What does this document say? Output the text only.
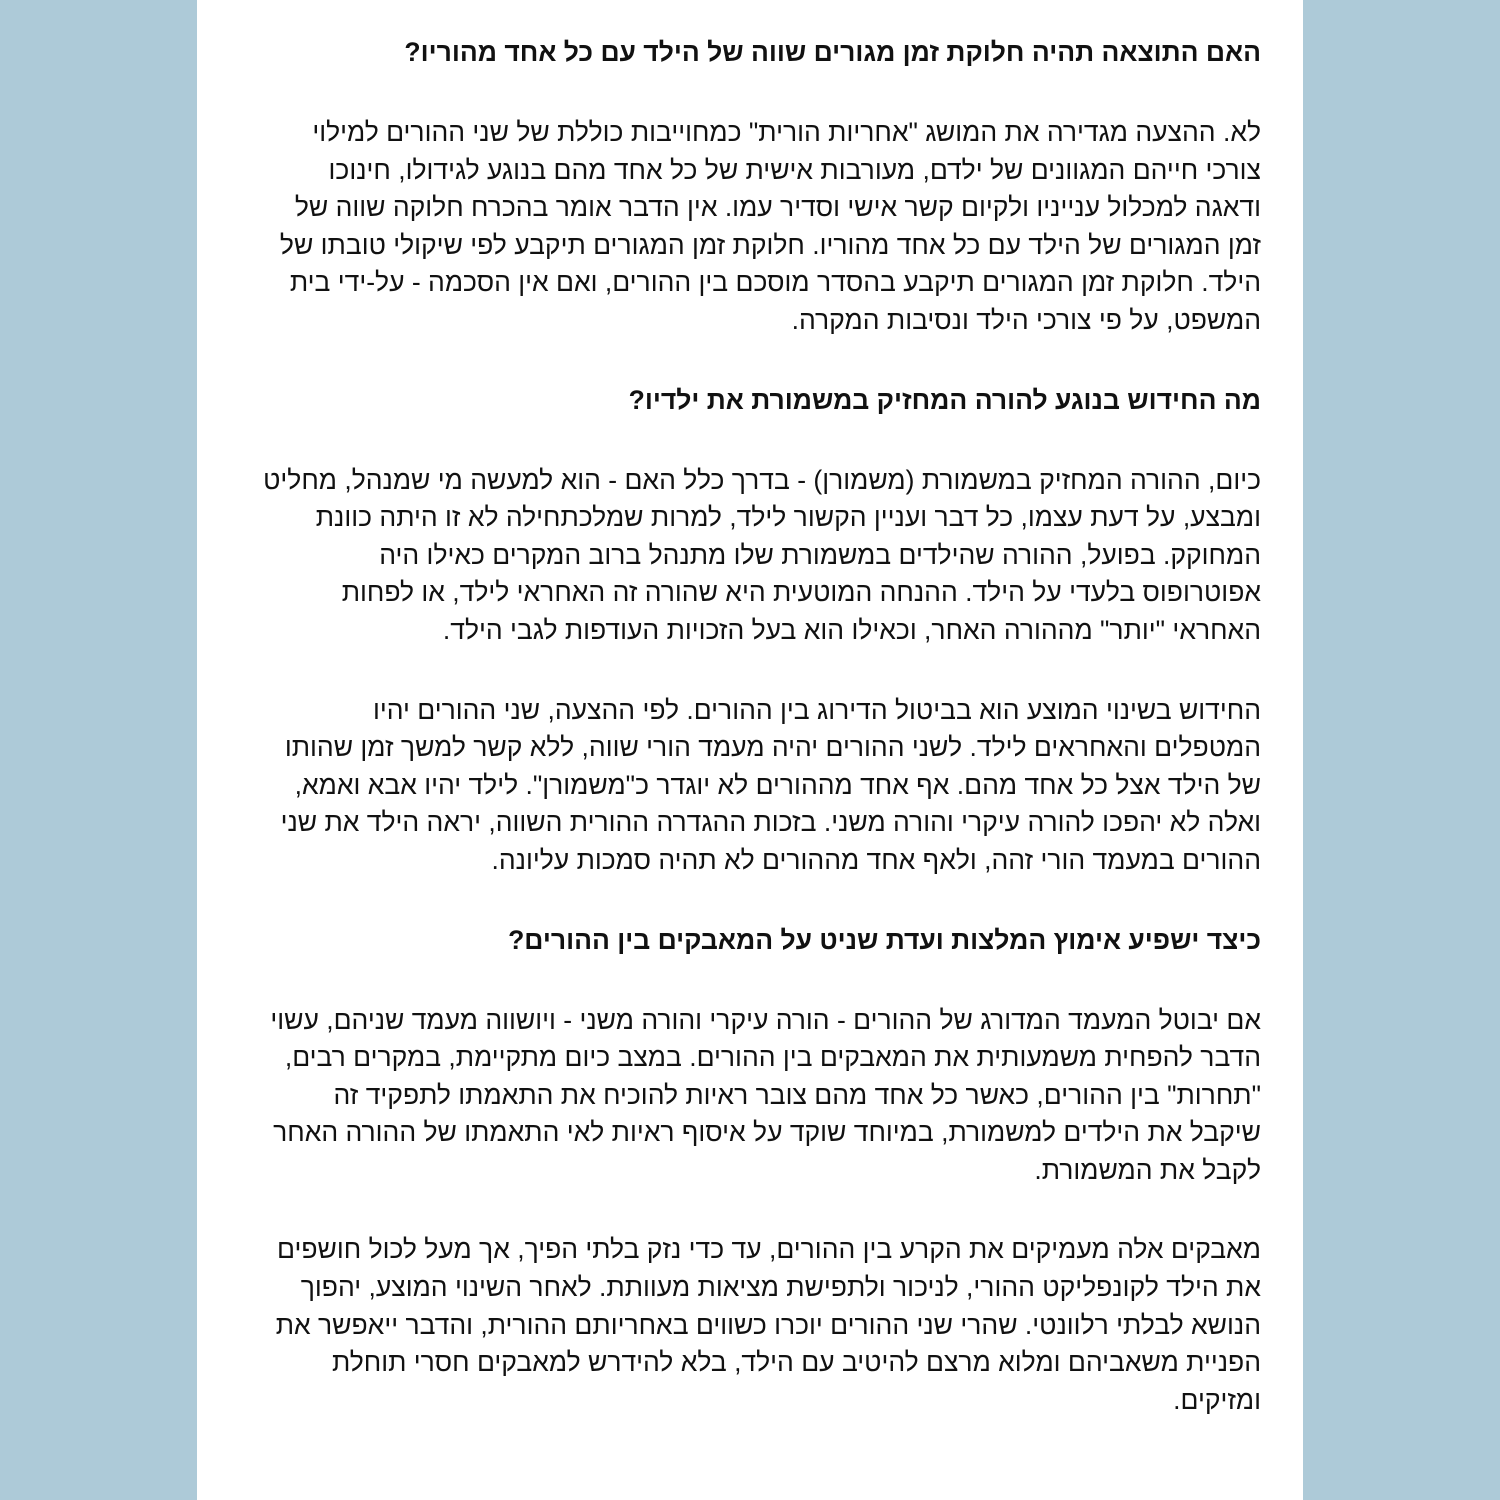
האם התוצאה תהיה חלוקת זמן מגורים שווה של הילד עם כל אחד מהוריו?

לא. ההצעה מגדירה את המושג "אחריות הורית" כמחוייבות כוללת של שני ההורים למילוי צורכי חייהם המגוונים של ילדם, מעורבות אישית של כל אחד מהם בנוגע לגידולו, חינוכו ודאגה למכלול ענייניו ולקיום קשר אישי וסדיר עמו. אין הדבר אומר בהכרח חלוקה שווה של זמן המגורים של הילד עם כל אחד מהוריו. חלוקת זמן המגורים תיקבע לפי שיקולי טובתו של הילד. חלוקת זמן המגורים תיקבע בהסדר מוסכם בין ההורים, ואם אין הסכמה - על-ידי בית המשפט, על פי צורכי הילד ונסיבות המקרה.

מה החידוש בנוגע להורה המחזיק במשמורת את ילדיו?

כיום, ההורה המחזיק במשמורת (משמורן) - בדרך כלל האם - הוא למעשה מי שמנהל, מחליט ומבצע, על דעת עצמו, כל דבר ועניין הקשור לילד, למרות שמלכתחילה לא זו היתה כוונת המחוקק. בפועל, ההורה שהילדים במשמורת שלו מתנהל ברוב המקרים כאילו היה אפוטרופוס בלעדי על הילד. ההנחה המוטעית היא שהורה זה האחראי לילד, או לפחות האחראי "יותר" מההורה האחר, וכאילו הוא בעל הזכויות העודפות לגבי הילד.

החידוש בשינוי המוצע הוא בביטול הדירוג בין ההורים. לפי ההצעה, שני ההורים יהיו המטפלים והאחראים לילד. לשני ההורים יהיה מעמד הורי שווה, ללא קשר למשך זמן שהותו של הילד אצל כל אחד מהם. אף אחד מההורים לא יוגדר כ"משמורן". לילד יהיו אבא ואמא, ואלה לא יהפכו להורה עיקרי והורה משני. בזכות ההגדרה ההורית השווה, יראה הילד את שני ההורים במעמד הורי זהה, ולאף אחד מההורים לא תהיה סמכות עליונה.

כיצד ישפיע אימוץ המלצות ועדת שניט על המאבקים בין ההורים?

אם יבוטל המעמד המדורג של ההורים - הורה עיקרי והורה משני - ויושווה מעמד שניהם, עשוי הדבר להפחית משמעותית את המאבקים בין ההורים. במצב כיום מתקיימת, במקרים רבים, "תחרות" בין ההורים, כאשר כל אחד מהם צובר ראיות להוכיח את התאמתו לתפקיד זה שיקבל את הילדים למשמורת, במיוחד שוקד על איסוף ראיות לאי התאמתו של ההורה האחר לקבל את המשמורת.

מאבקים אלה מעמיקים את הקרע בין ההורים, עד כדי נזק בלתי הפיך, אך מעל לכול חושפים את הילד לקונפליקט ההורי, לניכור ולתפישת מציאות מעוותת. לאחר השינוי המוצע, יהפוך הנושא לבלתי רלוונטי. שהרי שני ההורים יוכרו כשווים באחריותם ההורית, והדבר ייאפשר את הפניית משאביהם ומלוא מרצם להיטיב עם הילד, בלא להידרש למאבקים חסרי תוחלת ומזיקים.
